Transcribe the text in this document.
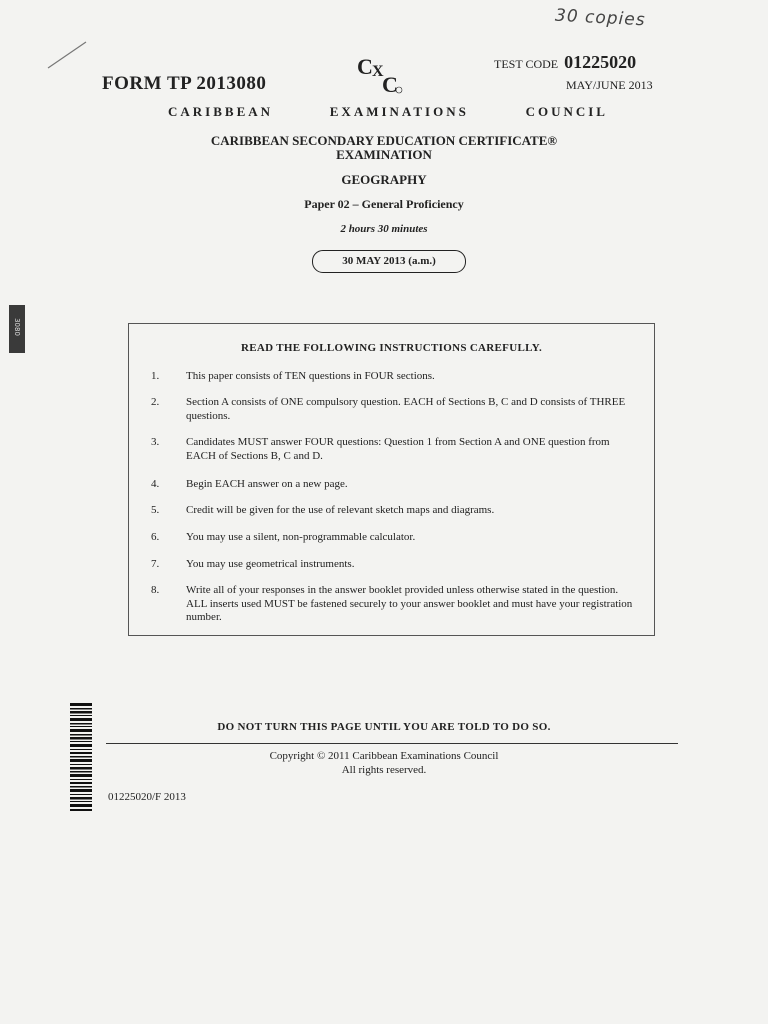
30 copies
FORM TP 2013080
C X
C
TEST CODE 01225020
MAY/JUNE 2013
CARIBBEAN	EXAMINATIONS	COUNCIL
CARIBBEAN SECONDARY EDUCATION CERTIFICATE®
EXAMINATION
GEOGRAPHY
Paper 02 – General Proficiency
2 hours 30 minutes
30 MAY 2013 (a.m.)
3080
READ THE FOLLOWING INSTRUCTIONS CAREFULLY.
1.	This paper consists of TEN questions in FOUR sections.
2.	Section A consists of ONE compulsory question. EACH of Sections B, C and D consists of THREE questions.
3.	Candidates MUST answer FOUR questions: Question 1 from Section A and ONE question from EACH of Sections B, C and D.
4.	Begin EACH answer on a new page.
5.	Credit will be given for the use of relevant sketch maps and diagrams.
6.	You may use a silent, non-programmable calculator.
7.	You may use geometrical instruments.
8.	Write all of your responses in the answer booklet provided unless otherwise stated in the question. ALL inserts used MUST be fastened securely to your answer booklet and must have your registration number.
DO NOT TURN THIS PAGE UNTIL YOU ARE TOLD TO DO SO.
Copyright © 2011 Caribbean Examinations Council
All rights reserved.
01225020/F 2013
